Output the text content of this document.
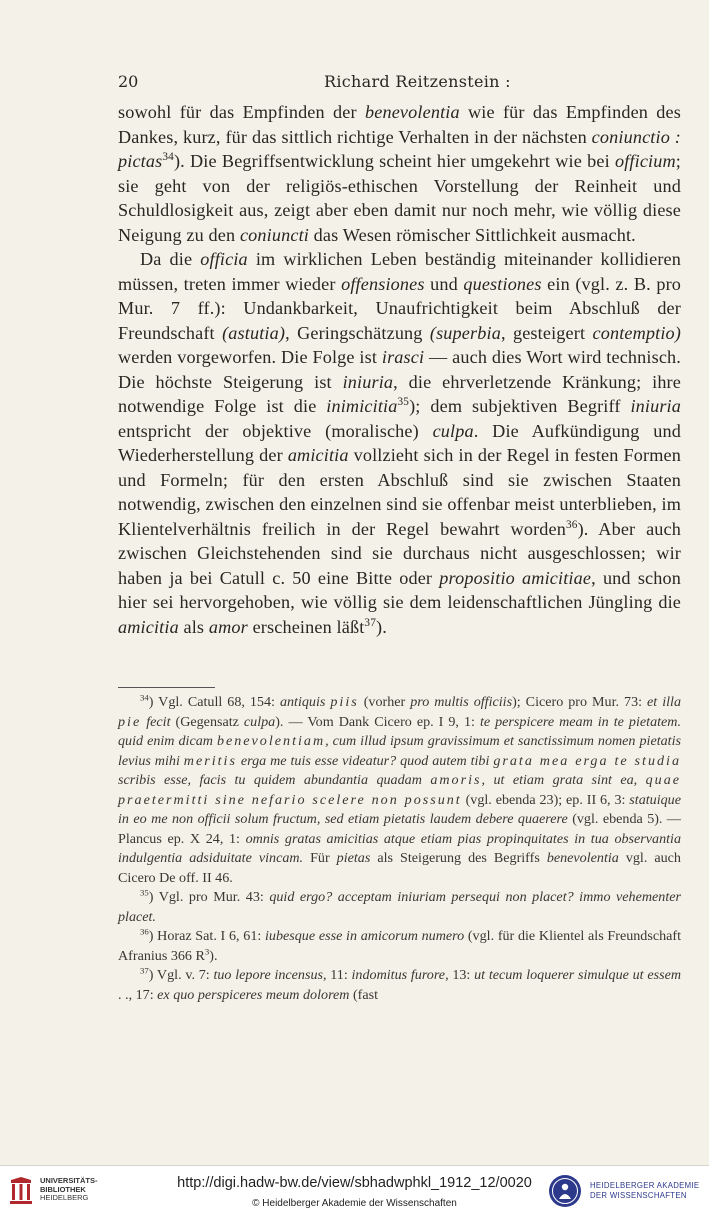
20	Richard Reitzenstein :

sowohl für das Empfinden der benevolentia wie für das Empfinden des Dankes, kurz, für das sittlich richtige Verhalten in der nächsten coniunctio : pictas$^{34}$). Die Begriffsentwicklung scheint hier umgekehrt wie bei officium; sie geht von der religiös-ethischen Vorstellung der Reinheit und Schuldlosigkeit aus, zeigt aber eben damit nur noch mehr, wie völlig diese Neigung zu den coniuncti das Wesen römischer Sittlichkeit ausmacht.

Da die officia im wirklichen Leben beständig miteinander kollidieren müssen, treten immer wieder offensiones und questiones ein (vgl. z. B. pro Mur. 7 ff.): Undankbarkeit, Unaufrichtigkeit beim Abschluß der Freundschaft (astutia), Geringschätzung (superbia, gesteigert contemptio) werden vorgeworfen. Die Folge ist irasci — auch dies Wort wird technisch. Die höchste Steigerung ist iniuria, die ehrverletzende Kränkung; ihre notwendige Folge ist die inimicitia$^{35}$); dem subjektiven Begriff iniuria entspricht der objektive (moralische) culpa. Die Aufkündigung und Wiederherstellung der amicitia vollzieht sich in der Regel in festen Formen und Formeln; für den ersten Abschluß sind sie zwischen Staaten notwendig, zwischen den einzelnen sind sie offenbar meist unterblieben, im Klientelverhältnis freilich in der Regel bewahrt worden$^{36}$). Aber auch zwischen Gleichstehenden sind sie durchaus nicht ausgeschlossen; wir haben ja bei Catull c. 50 eine Bitte oder propositio amicitiae, und schon hier sei hervorgehoben, wie völlig sie dem leidenschaftlichen Jüngling die amicitia als amor erscheinen läßt$^{37}$).

$^{34}$) Vgl. Catull 68, 154: antiquis piis (vorher pro multis officiis); Cicero pro Mur. 73: et illa pie fecit (Gegensatz culpa). — Vom Dank Cicero ep. I 9, 1: te perspicere meam in te pietatem. quid enim dicam benevolentiam, cum illud ipsum gravissimum et sanctissimum nomen pietatis levius mihi meritis erga me tuis esse videatur? quod autem tibi grata mea erga te studia scribis esse, facis tu quidem abundantia quadam amoris, ut etiam grata sint ea, quae praetermitti sine nefario scelere non possunt (vgl. ebenda 23); ep. II 6, 3: statuique in eo me non officii solum fructum, sed etiam pietatis laudem debere quaerere (vgl. ebenda 5). — Plancus ep. X 24, 1: omnis gratas amicitias atque etiam pias propinquitates in tua observantia indulgentia adsiduitate vincam. Für pietas als Steigerung des Begriffs benevolentia vgl. auch Cicero De off. II 46.

$^{35}$) Vgl. pro Mur. 43: quid ergo? acceptam iniuriam persequi non placet? immo vehementer placet.

$^{36}$) Horaz Sat. I 6, 61: iubesque esse in amicorum numero (vgl. für die Klientel als Freundschaft Afranius 366 $R^3$).

$^{37}$) Vgl. v. 7: tuo lepore incensus, 11: indomitus furore, 13: ut tecum loquerer simulque ut essem . ., 17: ex quo perspiceres meum dolorem (fast

UNIVERSITÄTS-
BIBLIOTHEK
HEIDELBERG
http://digi.hadw-bw.de/view/sbhadwphkl_1912_12/0020
© Heidelberger Akademie der Wissenschaften
HEIDELBERGER AKADEMIE
DER WISSENSCHAFTEN
